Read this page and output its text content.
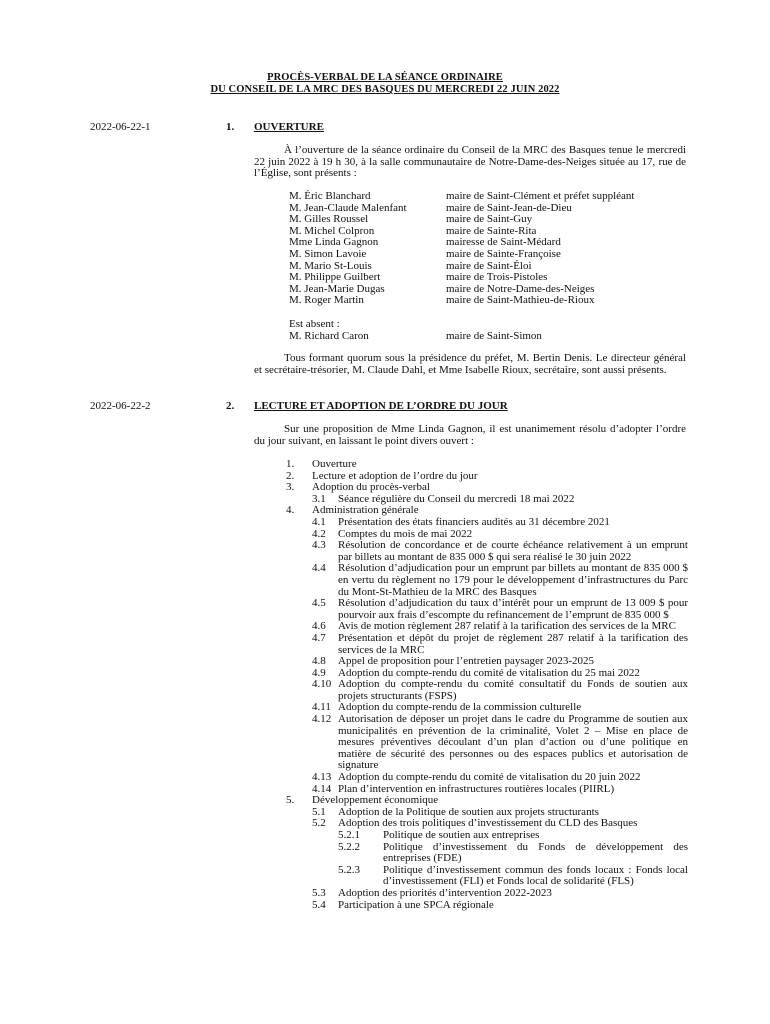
PROCÈS-VERBAL DE LA SÉANCE ORDINAIRE
DU CONSEIL DE LA MRC DES BASQUES DU MERCREDI 22 JUIN 2022
2022-06-22-1	1. OUVERTURE
À l’ouverture de la séance ordinaire du Conseil de la MRC des Basques tenue le mercredi 22 juin 2022 à 19 h 30, à la salle communautaire de Notre-Dame-des-Neiges située au 17, rue de l’Église, sont présents :
M. Éric Blanchard	maire de Saint-Clément et préfet suppléant
M. Jean-Claude Malenfant	maire de Saint-Jean-de-Dieu
M. Gilles Roussel	maire de Saint-Guy
M. Michel Colpron	maire de Sainte-Rita
Mme Linda Gagnon	mairesse de Saint-Médard
M. Simon Lavoie	maire de Sainte-Françoise
M. Mario St-Louis	maire de Saint-Éloi
M. Philippe Guilbert	maire de Trois-Pistoles
M. Jean-Marie Dugas	maire de Notre-Dame-des-Neiges
M. Roger Martin	maire de Saint-Mathieu-de-Rioux
Est absent :
M. Richard Caron	maire de Saint-Simon
Tous formant quorum sous la présidence du préfet, M. Bertin Denis. Le directeur général et secrétaire-trésorier, M. Claude Dahl, et Mme Isabelle Rioux, secrétaire, sont aussi présents.
2022-06-22-2	2. LECTURE ET ADOPTION DE L’ORDRE DU JOUR
Sur une proposition de Mme Linda Gagnon, il est unanimement résolu d’adopter l’ordre du jour suivant, en laissant le point divers ouvert :
1.	Ouverture
2.	Lecture et adoption de l’ordre du jour
3.	Adoption du procès-verbal
3.1	Séance régulière du Conseil du mercredi 18 mai 2022
4.	Administration générale
4.1	Présentation des états financiers audités au 31 décembre 2021
4.2	Comptes du mois de mai 2022
4.3	Résolution de concordance et de courte échéance relativement à un emprunt par billets au montant de 835 000 $ qui sera réalisé le 30 juin 2022
4.4	Résolution d’adjudication pour un emprunt par billets au montant de 835 000 $ en vertu du règlement no 179 pour le développement d’infrastructures du Parc du Mont-St-Mathieu de la MRC des Basques
4.5	Résolution d’adjudication du taux d’intérêt pour un emprunt de 13 009 $ pour pourvoir aux frais d’escompte du refinancement de l’emprunt de 835 000 $
4.6	Avis de motion règlement 287 relatif à la tarification des services de la MRC
4.7	Présentation et dépôt du projet de règlement 287 relatif à la tarification des services de la MRC
4.8	Appel de proposition pour l’entretien paysager 2023-2025
4.9	Adoption du compte-rendu du comité de vitalisation du 25 mai 2022
4.10 Adoption du compte-rendu du comité consultatif du Fonds de soutien aux projets structurants (FSPS)
4.11 Adoption du compte-rendu de la commission culturelle
4.12 Autorisation de déposer un projet dans le cadre du Programme de soutien aux municipalités en prévention de la criminalité, Volet 2 – Mise en place de mesures préventives découlant d’un plan d’action ou d’une politique en matière de sécurité des personnes ou des espaces publics et autorisation de signature
4.13 Adoption du compte-rendu du comité de vitalisation du 20 juin 2022
4.14 Plan d’intervention en infrastructures routières locales (PIIRL)
5.	Développement économique
5.1	Adoption de la Politique de soutien aux projets structurants
5.2	Adoption des trois politiques d’investissement du CLD des Basques
5.2.1	Politique de soutien aux entreprises
5.2.2	Politique d’investissement du Fonds de développement des entreprises (FDE)
5.2.3	Politique d’investissement commun des fonds locaux : Fonds local d’investissement (FLI) et Fonds local de solidarité (FLS)
5.3	Adoption des priorités d’intervention 2022-2023
5.4	Participation à une SPCA régionale
